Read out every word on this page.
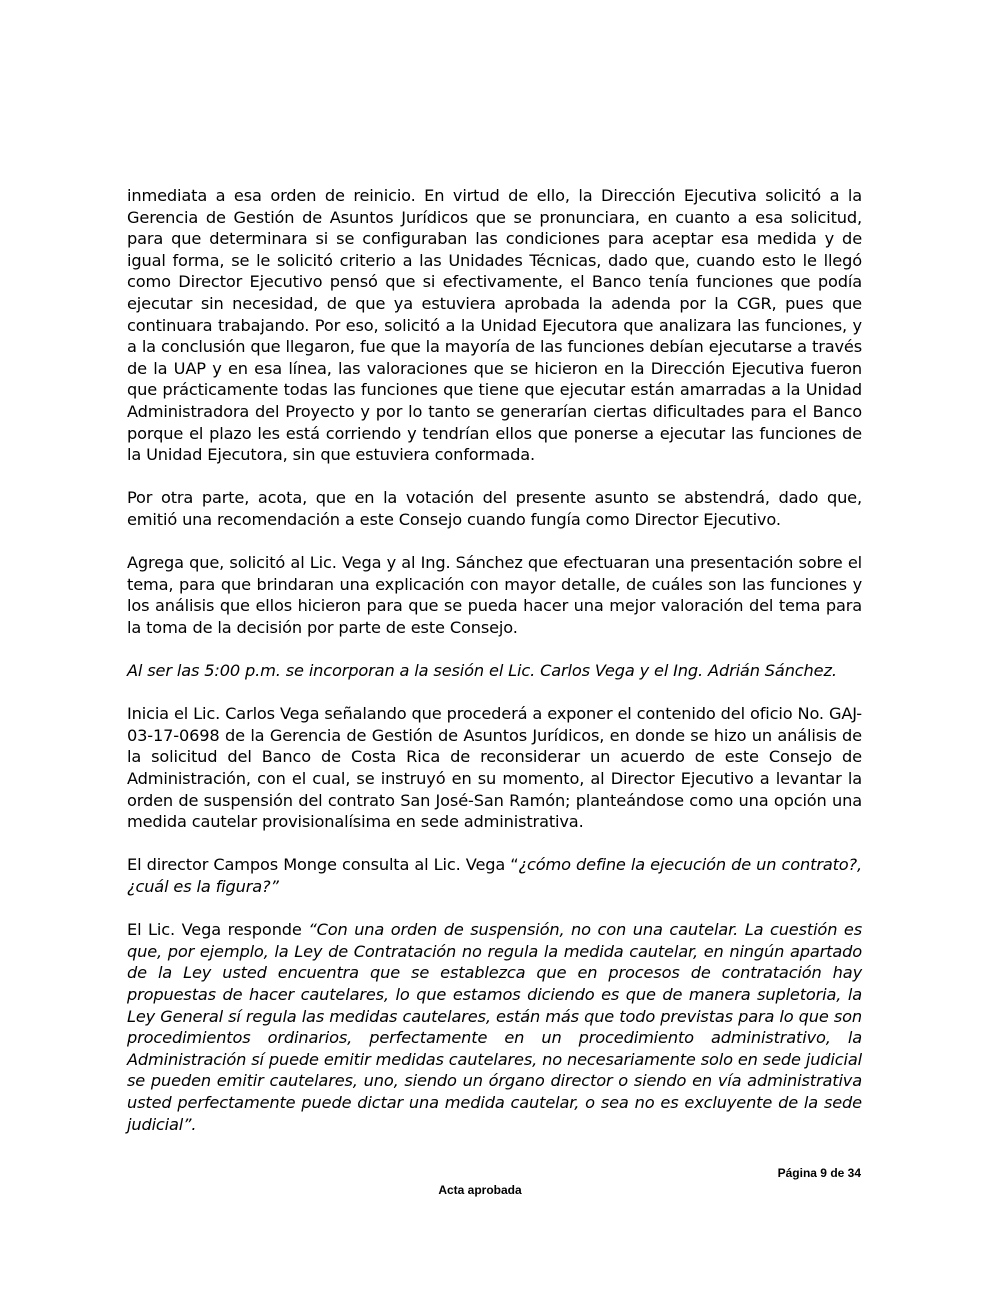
inmediata a esa orden de reinicio. En virtud de ello, la Dirección Ejecutiva solicitó a la Gerencia de Gestión de Asuntos Jurídicos que se pronunciara, en cuanto a esa solicitud, para que determinara si se configuraban las condiciones para aceptar esa medida y de igual forma, se le solicitó criterio a las Unidades Técnicas, dado que, cuando esto le llegó como Director Ejecutivo pensó que si efectivamente, el Banco tenía funciones que podía ejecutar sin necesidad, de que ya estuviera aprobada la adenda por la CGR, pues que continuara trabajando. Por eso, solicitó a la Unidad Ejecutora que analizara las funciones, y a la conclusión que llegaron, fue que la mayoría de las funciones debían ejecutarse a través de la UAP y en esa línea, las valoraciones que se hicieron en la Dirección Ejecutiva fueron que prácticamente todas las funciones que tiene que ejecutar están amarradas a la Unidad Administradora del Proyecto y por lo tanto se generarían ciertas dificultades para el Banco porque el plazo les está corriendo y tendrían ellos que ponerse a ejecutar las funciones de la Unidad Ejecutora, sin que estuviera conformada.

Por otra parte, acota, que en la votación del presente asunto se abstendrá, dado que, emitió una recomendación a este Consejo cuando fungía como Director Ejecutivo.

Agrega que, solicitó al Lic. Vega y al Ing. Sánchez que efectuaran una presentación sobre el tema, para que brindaran una explicación con mayor detalle, de cuáles son las funciones y los análisis que ellos hicieron para que se pueda hacer una mejor valoración del tema para la toma de la decisión por parte de este Consejo.

Al ser las 5:00 p.m. se incorporan a la sesión el Lic. Carlos Vega y el Ing. Adrián Sánchez.

Inicia el Lic. Carlos Vega señalando que procederá a exponer el contenido del oficio No. GAJ-03-17-0698 de la Gerencia de Gestión de Asuntos Jurídicos, en donde se hizo un análisis de la solicitud del Banco de Costa Rica de reconsiderar un acuerdo de este Consejo de Administración, con el cual, se instruyó en su momento, al Director Ejecutivo a levantar la orden de suspensión del contrato San José-San Ramón; planteándose como una opción una medida cautelar provisionalísima en sede administrativa.

El director Campos Monge consulta al Lic. Vega “¿cómo define la ejecución de un contrato?, ¿cuál es la figura?”

El Lic. Vega responde “Con una orden de suspensión, no con una cautelar. La cuestión es que, por ejemplo, la Ley de Contratación no regula la medida cautelar, en ningún apartado de la Ley usted encuentra que se establezca que en procesos de contratación hay propuestas de hacer cautelares, lo que estamos diciendo es que de manera supletoria, la Ley General sí regula las medidas cautelares, están más que todo previstas para lo que son procedimientos ordinarios, perfectamente en un procedimiento administrativo, la Administración sí puede emitir medidas cautelares, no necesariamente solo en sede judicial se pueden emitir cautelares, uno, siendo un órgano director o siendo en vía administrativa usted perfectamente puede dictar una medida cautelar, o sea no es excluyente de la sede judicial”.

Página 9 de 34

Acta aprobada
